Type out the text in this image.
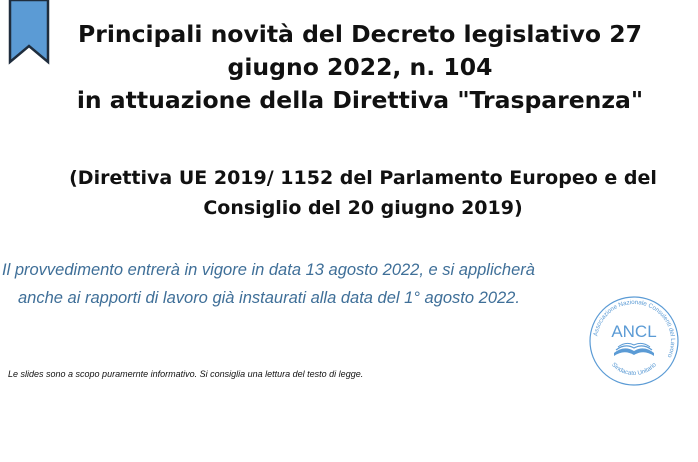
Principali novità del Decreto legislativo 27
giugno 2022, n. 104
in attuazione della Direttiva "Trasparenza"
(Direttiva UE 2019/ 1152 del Parlamento Europeo e del
Consiglio del 20 giugno 2019)
Il provvedimento entrerà in vigore in data 13 agosto 2022, e si applicherà
anche ai rapporti di lavoro già instaurati alla data del 1° agosto 2022.
Le slides sono a scopo puramernte informativo. Si consiglia una lettura del testo di legge.
Associazione Nazionale Consulenti del Lavoro
ANCL
Sindacato Unitario
